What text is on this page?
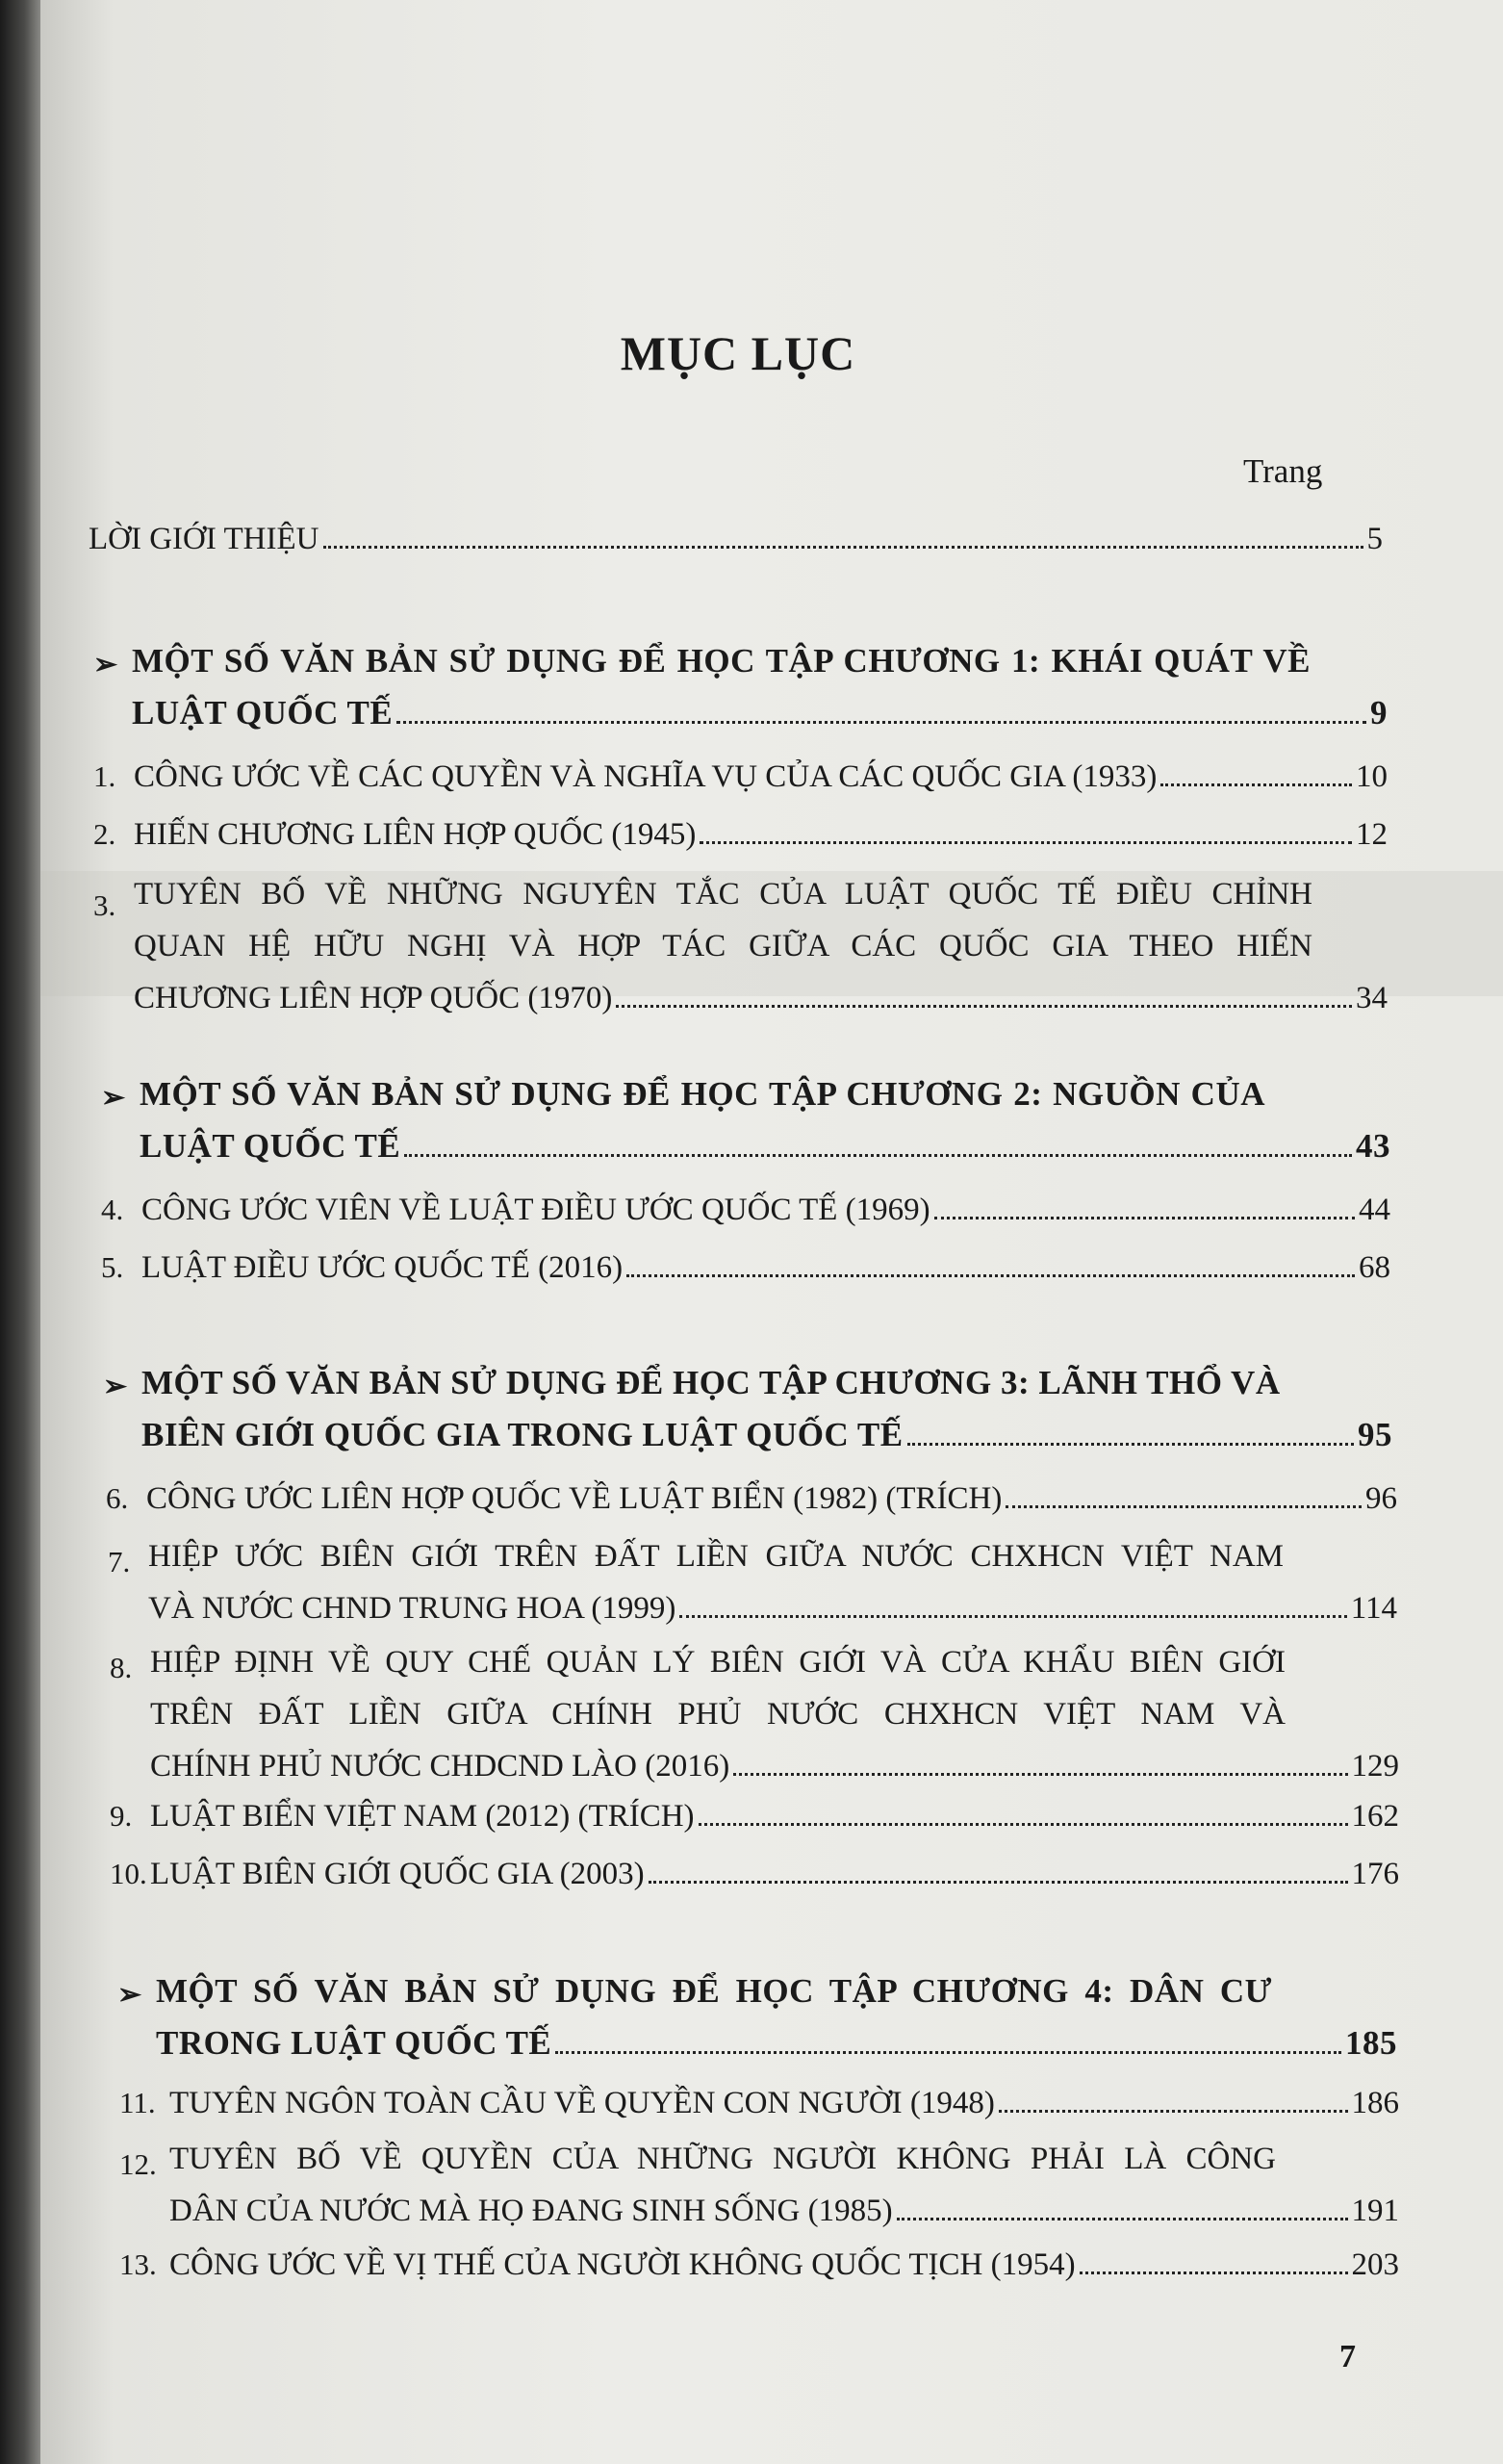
MỤC LỤC
Trang
LỜI GIỚI THIỆU	5
➢ MỘT SỐ VĂN BẢN SỬ DỤNG ĐỂ HỌC TẬP CHƯƠNG 1: KHÁI QUÁT VỀ
LUẬT QUỐC TẾ	9
1. CÔNG ƯỚC VỀ CÁC QUYỀN VÀ NGHĨA VỤ CỦA CÁC QUỐC GIA (1933)	10
2. HIẾN CHƯƠNG LIÊN HỢP QUỐC (1945)	12
3. TUYÊN BỐ VỀ NHỮNG NGUYÊN TẮC CỦA LUẬT QUỐC TẾ ĐIỀU CHỈNH
QUAN HỆ HỮU NGHỊ VÀ HỢP TÁC GIỮA CÁC QUỐC GIA THEO HIẾN
CHƯƠNG LIÊN HỢP QUỐC (1970)	34
➢ MỘT SỐ VĂN BẢN SỬ DỤNG ĐỂ HỌC TẬP CHƯƠNG 2: NGUỒN CỦA
LUẬT QUỐC TẾ	43
4. CÔNG ƯỚC VIÊN VỀ LUẬT ĐIỀU ƯỚC QUỐC TẾ (1969)	44
5. LUẬT ĐIỀU ƯỚC QUỐC TẾ (2016)	68
➢ MỘT SỐ VĂN BẢN SỬ DỤNG ĐỂ HỌC TẬP CHƯƠNG 3: LÃNH THỔ VÀ
BIÊN GIỚI QUỐC GIA TRONG LUẬT QUỐC TẾ	95
6. CÔNG ƯỚC LIÊN HỢP QUỐC VỀ LUẬT BIỂN (1982) (TRÍCH)	96
7. HIỆP ƯỚC BIÊN GIỚI TRÊN ĐẤT LIỀN GIỮA NƯỚC CHXHCN VIỆT NAM
VÀ NƯỚC CHND TRUNG HOA (1999)	114
8. HIỆP ĐỊNH VỀ QUY CHẾ QUẢN LÝ BIÊN GIỚI VÀ CỬA KHẨU BIÊN GIỚI
TRÊN ĐẤT LIỀN GIỮA CHÍNH PHỦ NƯỚC CHXHCN VIỆT NAM VÀ
CHÍNH PHỦ NƯỚC CHDCND LÀO (2016)	129
9. LUẬT BIỂN VIỆT NAM (2012) (TRÍCH)	162
10. LUẬT BIÊN GIỚI QUỐC GIA (2003)	176
➢ MỘT SỐ VĂN BẢN SỬ DỤNG ĐỂ HỌC TẬP CHƯƠNG 4: DÂN CƯ
TRONG LUẬT QUỐC TẾ	185
11. TUYÊN NGÔN TOÀN CẦU VỀ QUYỀN CON NGƯỜI (1948)	186
12. TUYÊN BỐ VỀ QUYỀN CỦA NHỮNG NGƯỜI KHÔNG PHẢI LÀ CÔNG
DÂN CỦA NƯỚC MÀ HỌ ĐANG SINH SỐNG (1985)	191
13. CÔNG ƯỚC VỀ VỊ THẾ CỦA NGƯỜI KHÔNG QUỐC TỊCH (1954)	203
7
